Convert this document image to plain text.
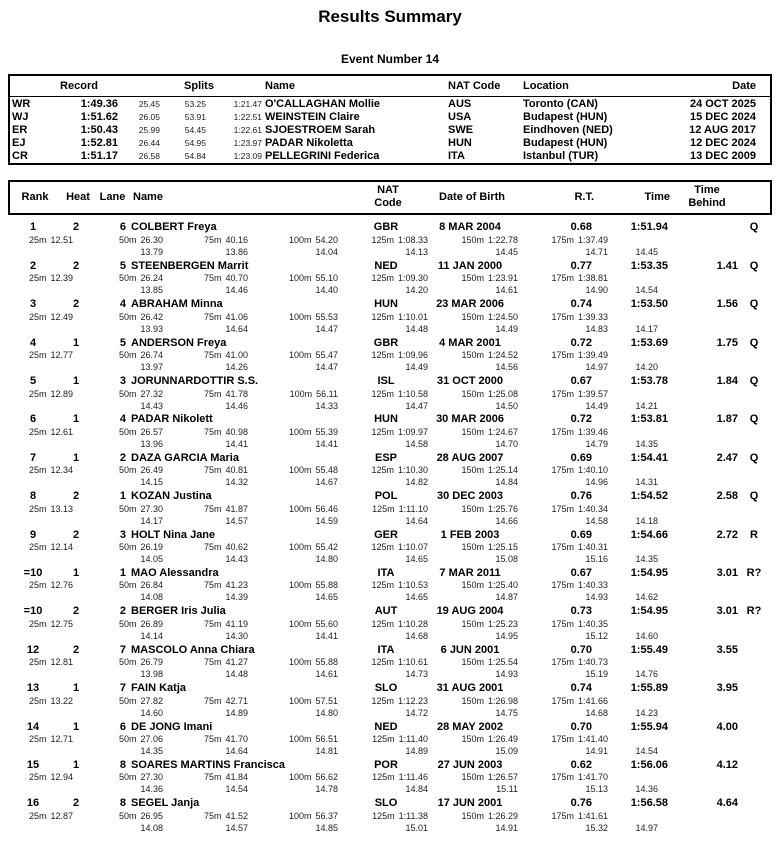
Results Summary
Event Number 14
Record	Splits	Name	NAT Code	Location	Date
WR	1:49.36	25.45	53.25	1:21.47 O'CALLAGHAN Mollie	AUS	Toronto (CAN)	24 OCT 2025
WJ	1:51.62	26.05	53.91	1:22.51 WEINSTEIN Claire	USA	Budapest (HUN)	15 DEC 2024
ER	1:50.43	25.99	54.45	1:22.61 SJOESTROEM Sarah	SWE	Eindhoven (NED)	12 AUG 2017
EJ	1:52.81	26.44	54.95	1:23.97 PADAR Nikoletta	HUN	Budapest (HUN)	12 DEC 2024
CR	1:51.17	26.58	54.84	1:23.09 PELLEGRINI Federica	ITA	Istanbul (TUR)	13 DEC 2009
Rank	Heat Lane Name
NAT
Code	Date of Birth	R.T.	Time
Time
Behind
1	2	6 COLBERT Freya	GBR	8 MAR 2004	0.68	1:51.94	Q
25m 12.51	50m 26.30	75m 40.16	100m 54.20	125m 1:08.33	150m 1:22.78	175m 1:37.49
13.79	13.86	14.04	14.13	14.45	14.71	14.45
2	2	5 STEENBERGEN Marrit	NED	11 JAN 2000	0.77	1:53.35	1.41	Q
25m 12.39	50m 26.24	75m 40.70	100m 55.10	125m 1:09.30	150m 1:23.91	175m 1:38.81
13.85	14.46	14.40	14.20	14.61	14.90	14.54
3	2	4 ABRAHAM Minna	HUN	23 MAR 2006	0.74	1:53.50	1.56	Q
25m 12.49	50m 26.42	75m 41.06	100m 55.53	125m 1:10.01	150m 1:24.50	175m 1:39.33
13.93	14.64	14.47	14.48	14.49	14.83	14.17
4	1	5 ANDERSON Freya	GBR	4 MAR 2001	0.72	1:53.69	1.75	Q
25m 12.77	50m 26.74	75m 41.00	100m 55.47	125m 1:09.96	150m 1:24.52	175m 1:39.49
13.97	14.26	14.47	14.49	14.56	14.97	14.20
5	1	3 JORUNNARDOTTIR S.S.	ISL	31 OCT 2000	0.67	1:53.78	1.84	Q
25m 12.89	50m 27.32	75m 41.78	100m 56.11	125m 1:10.58	150m 1:25.08	175m 1:39.57
14.43	14.46	14.33	14.47	14.50	14.49	14.21
6	1	4 PADAR Nikolett	HUN	30 MAR 2006	0.72	1:53.81	1.87	Q
25m 12.61	50m 26.57	75m 40.98	100m 55.39	125m 1:09.97	150m 1:24.67	175m 1:39.46
13.96	14.41	14.41	14.58	14.70	14.79	14.35
7	1	2 DAZA GARCIA Maria	ESP	28 AUG 2007	0.69	1:54.41	2.47	Q
25m 12.34	50m 26.49	75m 40.81	100m 55.48	125m 1:10.30	150m 1:25.14	175m 1:40.10
14.15	14.32	14.67	14.82	14.84	14.96	14.31
8	2	1 KOZAN Justina	POL	30 DEC 2003	0.76	1:54.52	2.58	Q
25m 13.13	50m 27.30	75m 41.87	100m 56.46	125m 1:11.10	150m 1:25.76	175m 1:40.34
14.17	14.57	14.59	14.64	14.66	14.58	14.18
9	2	3 HOLT Nina Jane	GER	1 FEB 2003	0.69	1:54.66	2.72	R
25m 12.14	50m 26.19	75m 40.62	100m 55.42	125m 1:10.07	150m 1:25.15	175m 1:40.31
14.05	14.43	14.80	14.65	15.08	15.16	14.35
=10	1	1 MAO Alessandra	ITA	7 MAR 2011	0.67	1:54.95	3.01 R?
25m 12.76	50m 26.84	75m 41.23	100m 55.88	125m 1:10.53	150m 1:25.40	175m 1:40.33
14.08	14.39	14.65	14.65	14.87	14.93	14.62
=10	2	2 BERGER Iris Julia	AUT	19 AUG 2004	0.73	1:54.95	3.01 R?
25m 12.75	50m 26.89	75m 41.19	100m 55.60	125m 1:10.28	150m 1:25.23	175m 1:40.35
14.14	14.30	14.41	14.68	14.95	15.12	14.60
12	2	7 MASCOLO Anna Chiara	ITA	6 JUN 2001	0.70	1:55.49	3.55
25m 12.81	50m 26.79	75m 41.27	100m 55.88	125m 1:10.61	150m 1:25.54	175m 1:40.73
13.98	14.48	14.61	14.73	14.93	15.19	14.76
13	1	7 FAIN Katja	SLO	31 AUG 2001	0.74	1:55.89	3.95
25m 13.22	50m 27.82	75m 42.71	100m 57.51	125m 1:12.23	150m 1:26.98	175m 1:41.66
14.60	14.89	14.80	14.72	14.75	14.68	14.23
14	1	6 DE JONG Imani	NED	28 MAY 2002	0.70	1:55.94	4.00
25m 12.71	50m 27.06	75m 41.70	100m 56.51	125m 1:11.40	150m 1:26.49	175m 1:41.40
14.35	14.64	14.81	14.89	15.09	14.91	14.54
15	1	8 SOARES MARTINS Francisca	POR	27 JUN 2003	0.62	1:56.06	4.12
25m 12.94	50m 27.30	75m 41.84	100m 56.62	125m 1:11.46	150m 1:26.57	175m 1:41.70
14.36	14.54	14.78	14.84	15.11	15.13	14.36
16	2	8 SEGEL Janja	SLO	17 JUN 2001	0.76	1:56.58	4.64
25m 12.87	50m 26.95	75m 41.52	100m 56.37	125m 1:11.38	150m 1:26.29	175m 1:41.61
14.08	14.57	14.85	15.01	14.91	15.32	14.97
